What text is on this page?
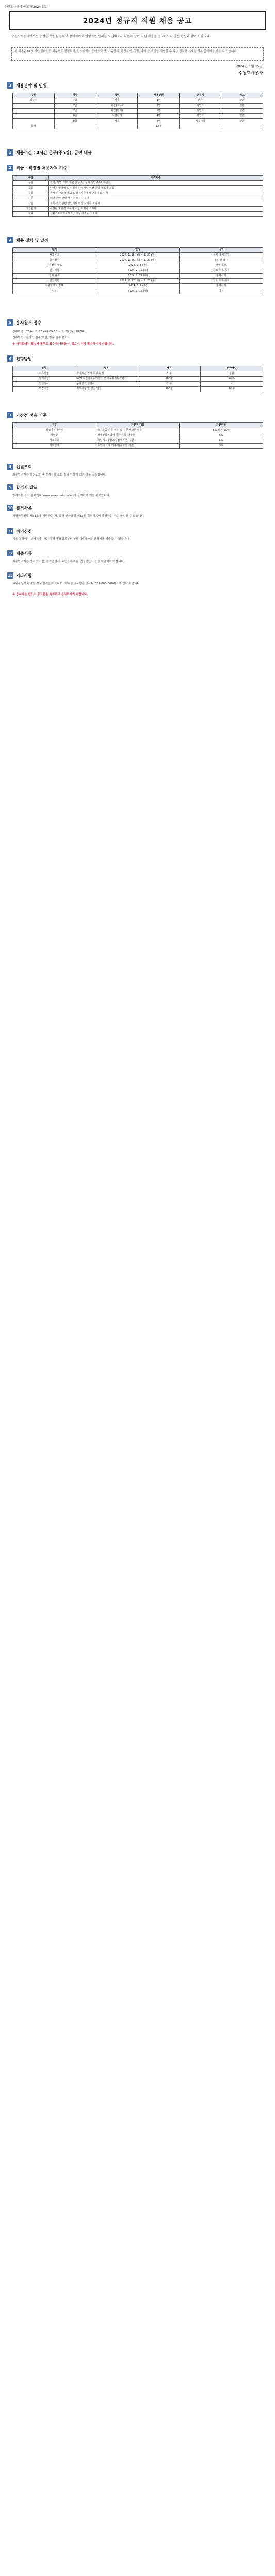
수원도시공사 공고 제2024-3호
2024년 정규직 직원 채용 공고
수원도시공사에서는 공정한 채용을 통하여 창의적이고 열정적인 인재를 모집하고자 다음과 같이 직원 채용을 공고하오니 많은 관심과 참여 바랍니다.
본 채용은 NCS 기반 블라인드 채용으로 진행되며, 입사지원서 등에 학교명, 가족관계, 출신지역, 성별, 나이 등 개인을 식별할 수 있는 정보를 기재할 경우 불이익을 받을 수 있습니다.
2024년 1월 15일
수원도시공사
1	채용분야 및 인원
구분	직급	직렬	채용인원	근무지	비고
정규직	7급	사무	3명	본사	일반
	7급	기술(토목)	2명	사업소	일반
	7급	기술(전기)	1명	사업소	일반
	8급	시설관리	4명	사업소	일반
	8급	체육	2명	체육시설	일반
합계			12명		
2	채용조건 : 4시간 근무(주5일), 급여 내규
3	직급 · 직렬별 채용자격 기준
구분	자격기준
공통	연령, 성별, 학력 제한 없음(단, 공사 정년 60세 미만자)
공통	남자는 병역필 또는 면제자(입사일 이전 전역 예정자 포함)
공통	공사 인사규정 제13조 결격사유에 해당하지 않는 자
사무	해당 분야 관련 자격증 소지자 우대
기술	토목·전기 관련 산업기사 이상 자격증 소지자
시설관리	시설관리 관련 기능사 이상 자격증 소지자
체육	생활스포츠지도사 2급 이상 자격증 소지자
4	채용 절차 및 일정
단계	일정	비고
채용공고	2024. 1. 15.(월) ~ 1. 29.(월)	공사 홈페이지
원서접수	2024. 1. 25.(목) ~ 1. 29.(월)	온라인 접수
서류전형 발표	2024. 2. 5.(월)	개별 통보
필기시험	2024. 2. 17.(토)	장소 추후 공지
필기 발표	2024. 2. 21.(수)	홈페이지
면접시험	2024. 2. 27.(화) ~ 2. 28.(수)	장소 추후 공지
최종합격자 발표	2024. 3. 6.(수)	홈페이지
임용	2024. 3. 18.(월)	예정
5	응시원서 접수
접수기간 : 2024. 1. 25.(목) 09:00 ~ 1. 29.(월) 18:00
접수방법 : 온라인 접수(우편, 방문 접수 불가)
※ 마감일에는 접속자 폭주로 접수가 어려울 수 있으니 미리 접수하시기 바랍니다.
6	전형방법
전형	내용	배점	선발배수
서류전형	자격요건 적격 여부 확인	적·부	전원
필기시험	NCS 직업기초능력평가 및 직무수행능력평가	100점	5배수
인성검사	온라인 인성검사	적·부	-
면접시험	직무역량 및 인성 면접	100점	1배수
7	가산점 적용 기준
구분	가산점 대상	가산비율
취업지원대상자	국가유공자 등 예우 및 지원에 관한 법률	5% 또는 10%
장애인	장애인복지법에 따른 등록 장애인	5%
저소득층	국민기초생활보장법에 따른 수급자	5%
지역인재	수원시 소재 거주자(공고일 기준)	3%
8	신원조회
최종합격자는 신원조회 및 결격사유 조회 결과 이상이 없는 경우 임용합니다.
9	합격자 발표
합격자는 공사 홈페이지(www.suwonudc.co.kr)에 공지하며 개별 통보합니다.
10 결격사유
지방공무원법 제31조에 해당하는 자, 공사 인사규정 제13조 결격사유에 해당하는 자는 응시할 수 없습니다.
11 이의신청
채용 결과에 이의가 있는 자는 결과 발표일로부터 7일 이내에 이의신청서를 제출할 수 있습니다.
12 제출서류
최종합격자는 자격증 사본, 경력증명서, 주민등록초본, 건강진단서 등을 제출하여야 합니다.
13 기타사항
허위사실이 판명될 경우 합격을 취소하며, 기타 문의사항은 인사팀(031-000-0000)으로 연락 바랍니다.
※ 응시자는 반드시 공고문을 숙지하고 응시하시기 바랍니다.
